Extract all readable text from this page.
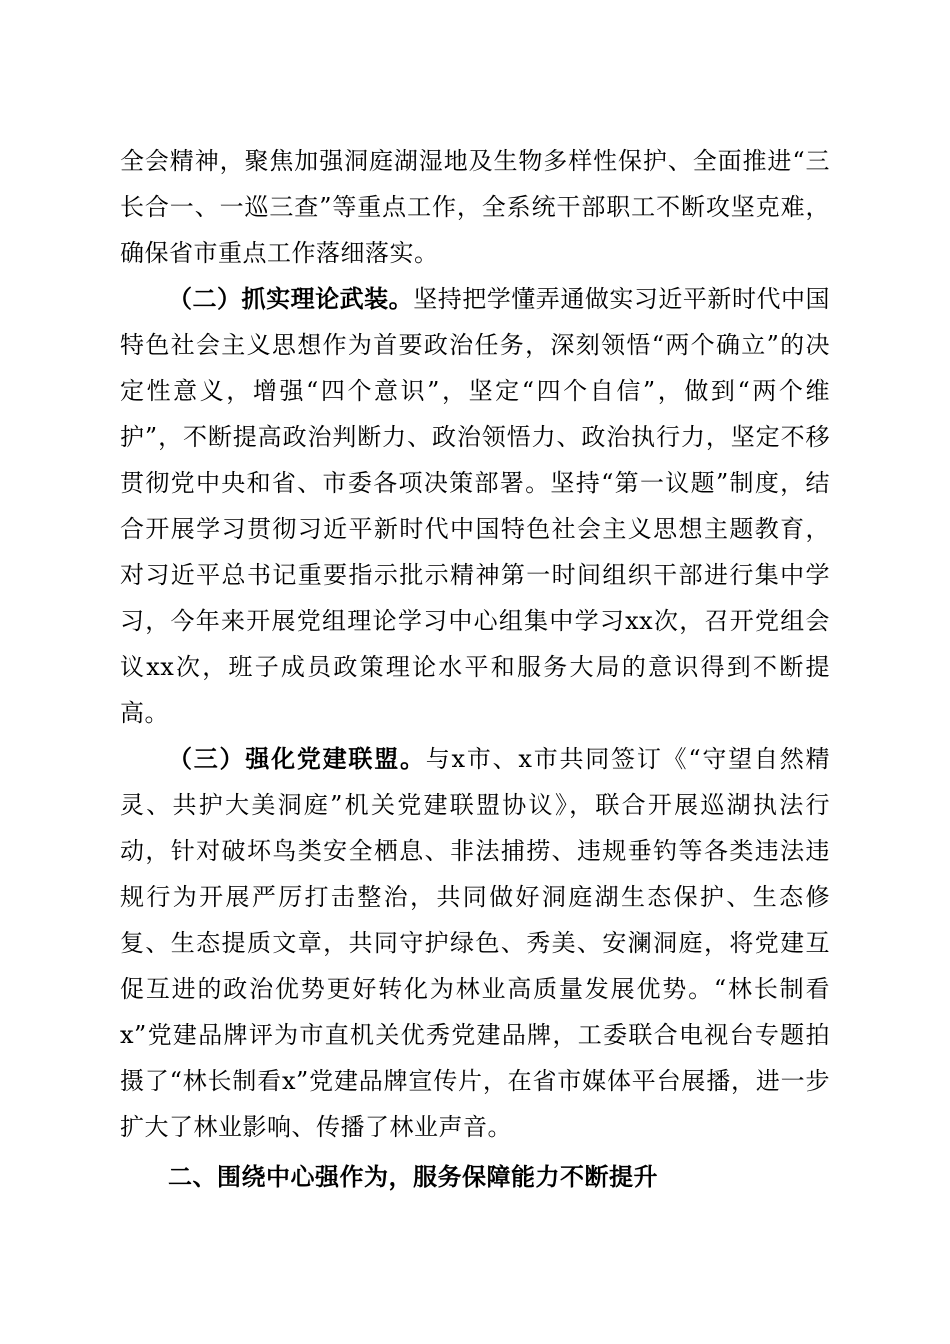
全会精神，聚焦加强洞庭湖湿地及生物多样性保护、全面推进“三长合一、一巡三查”等重点工作，全系统干部职工不断攻坚克难，确保省市重点工作落细落实。

（二）抓实理论武装。坚持把学懂弄通做实习近平新时代中国特色社会主义思想作为首要政治任务，深刻领悟“两个确立”的决定性意义，增强“四个意识”，坚定“四个自信”，做到“两个维护”，不断提高政治判断力、政治领悟力、政治执行力，坚定不移贯彻党中央和省、市委各项决策部署。坚持“第一议题”制度，结合开展学习贯彻习近平新时代中国特色社会主义思想主题教育，对习近平总书记重要指示批示精神第一时间组织干部进行集中学习，今年来开展党组理论学习中心组集中学习xx次，召开党组会议xx次，班子成员政策理论水平和服务大局的意识得到不断提高。

（三）强化党建联盟。与x市、x市共同签订《“守望自然精灵、共护大美洞庭”机关党建联盟协议》，联合开展巡湖执法行动，针对破坏鸟类安全栖息、非法捕捞、违规垂钓等各类违法违规行为开展严厉打击整治，共同做好洞庭湖生态保护、生态修复、生态提质文章，共同守护绿色、秀美、安澜洞庭，将党建互促互进的政治优势更好转化为林业高质量发展优势。“林长制看x”党建品牌评为市直机关优秀党建品牌，工委联合电视台专题拍摄了“林长制看x”党建品牌宣传片，在省市媒体平台展播，进一步扩大了林业影响、传播了林业声音。

二、围绕中心强作为，服务保障能力不断提升
